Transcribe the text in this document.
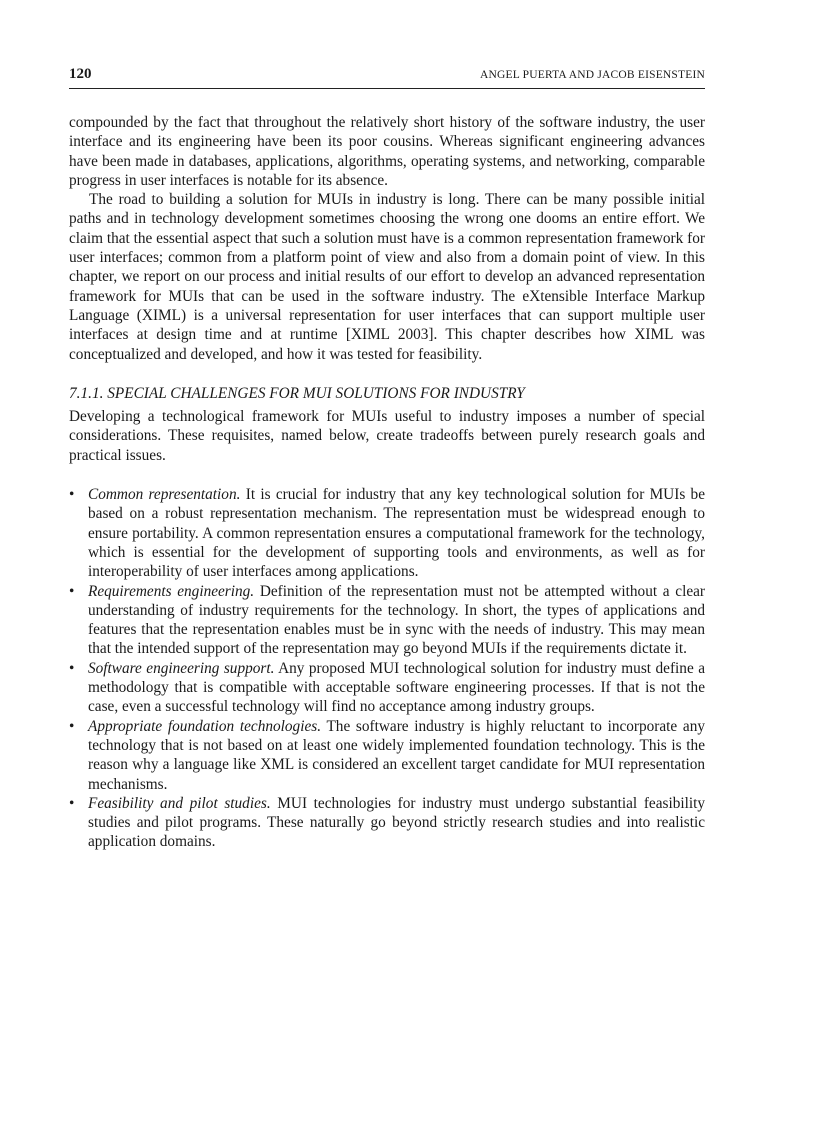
120	ANGEL PUERTA AND JACOB EISENSTEIN

compounded by the fact that throughout the relatively short history of the software industry, the user interface and its engineering have been its poor cousins. Whereas significant engineering advances have been made in databases, applications, algorithms, operating systems, and networking, comparable progress in user interfaces is notable for its absence.

The road to building a solution for MUIs in industry is long. There can be many possible initial paths and in technology development sometimes choosing the wrong one dooms an entire effort. We claim that the essential aspect that such a solution must have is a common representation framework for user interfaces; common from a platform point of view and also from a domain point of view. In this chapter, we report on our process and initial results of our effort to develop an advanced representation framework for MUIs that can be used in the software industry. The eXtensible Interface Markup Language (XIML) is a universal representation for user interfaces that can support multiple user interfaces at design time and at runtime [XIML 2003]. This chapter describes how XIML was conceptualized and developed, and how it was tested for feasibility.

7.1.1. SPECIAL CHALLENGES FOR MUI SOLUTIONS FOR INDUSTRY

Developing a technological framework for MUIs useful to industry imposes a number of special considerations. These requisites, named below, create tradeoffs between purely research goals and practical issues.

• Common representation. It is crucial for industry that any key technological solution for MUIs be based on a robust representation mechanism. The representation must be widespread enough to ensure portability. A common representation ensures a computational framework for the technology, which is essential for the development of supporting tools and environments, as well as for interoperability of user interfaces among applications.
• Requirements engineering. Definition of the representation must not be attempted without a clear understanding of industry requirements for the technology. In short, the types of applications and features that the representation enables must be in sync with the needs of industry. This may mean that the intended support of the representation may go beyond MUIs if the requirements dictate it.
• Software engineering support. Any proposed MUI technological solution for industry must define a methodology that is compatible with acceptable software engineering processes. If that is not the case, even a successful technology will find no acceptance among industry groups.
• Appropriate foundation technologies. The software industry is highly reluctant to incorporate any technology that is not based on at least one widely implemented foundation technology. This is the reason why a language like XML is considered an excellent target candidate for MUI representation mechanisms.
• Feasibility and pilot studies. MUI technologies for industry must undergo substantial feasibility studies and pilot programs. These naturally go beyond strictly research studies and into realistic application domains.
